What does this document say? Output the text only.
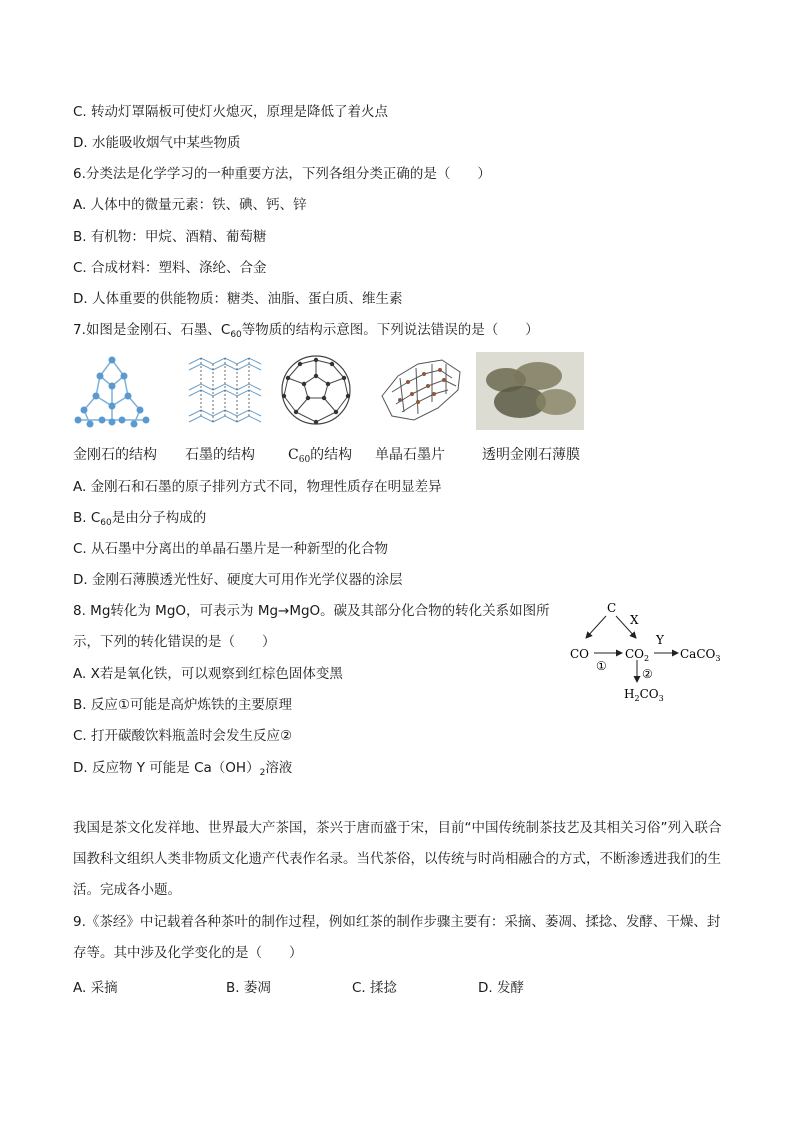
C. 转动灯罩隔板可使灯火熄灭，原理是降低了着火点
D. 水能吸收烟气中某些物质
6.分类法是化学学习的一种重要方法，下列各组分类正确的是（　　）
A. 人体中的微量元素：铁、碘、钙、锌
B. 有机物：甲烷、酒精、葡萄糖
C. 合成材料：塑料、涤纶、合金
D. 人体重要的供能物质：糖类、油脂、蛋白质、维生素
7.如图是金刚石、石墨、$C_{60}$等物质的结构示意图。下列说法错误的是（　　）
金刚石的结构 石墨的结构 $C_{60}$的结构 单晶石墨片	透明金刚石薄膜
A. 金刚石和石墨的原子排列方式不同，物理性质存在明显差异
B. $C_{60}$是由分子构成的
C. 从石墨中分离出的单晶石墨片是一种新型的化合物
D. 金刚石薄膜透光性好、硬度大可用作光学仪器的涂层
8. Mg转化为 MgO，可表示为 Mg→MgO。碳及其部分化合物的转化关系如图所
示，下列的转化错误的是（　　）
A. X若是氧化铁，可以观察到红棕色固体变黑
B. 反应①可能是高炉炼铁的主要原理
C. 打开碳酸饮料瓶盖时会发生反应②
D. 反应物 Y 可能是 $Ca(OH)_2$溶液
C
X
Y
CO	$CO_2$	CaCO$_3$
①
②
$H_2CO_3$
我国是茶文化发祥地、世界最大产茶国，茶兴于唐而盛于宋，目前“中国传统制茶技艺及其相关习俗”列入联合国教科文组织人类非物质文化遗产代表作名录。当代茶俗，以传统与时尚相融合的方式，不断渗透进我们的生活。完成各小题。
9.《茶经》中记载着各种茶叶的制作过程，例如红茶的制作步骤主要有：采摘、萎凋、揉捻、发酵、干燥、封存等。其中涉及化学变化的是（　　）
A. 采摘	B. 萎凋	C. 揉捻	D. 发酵
